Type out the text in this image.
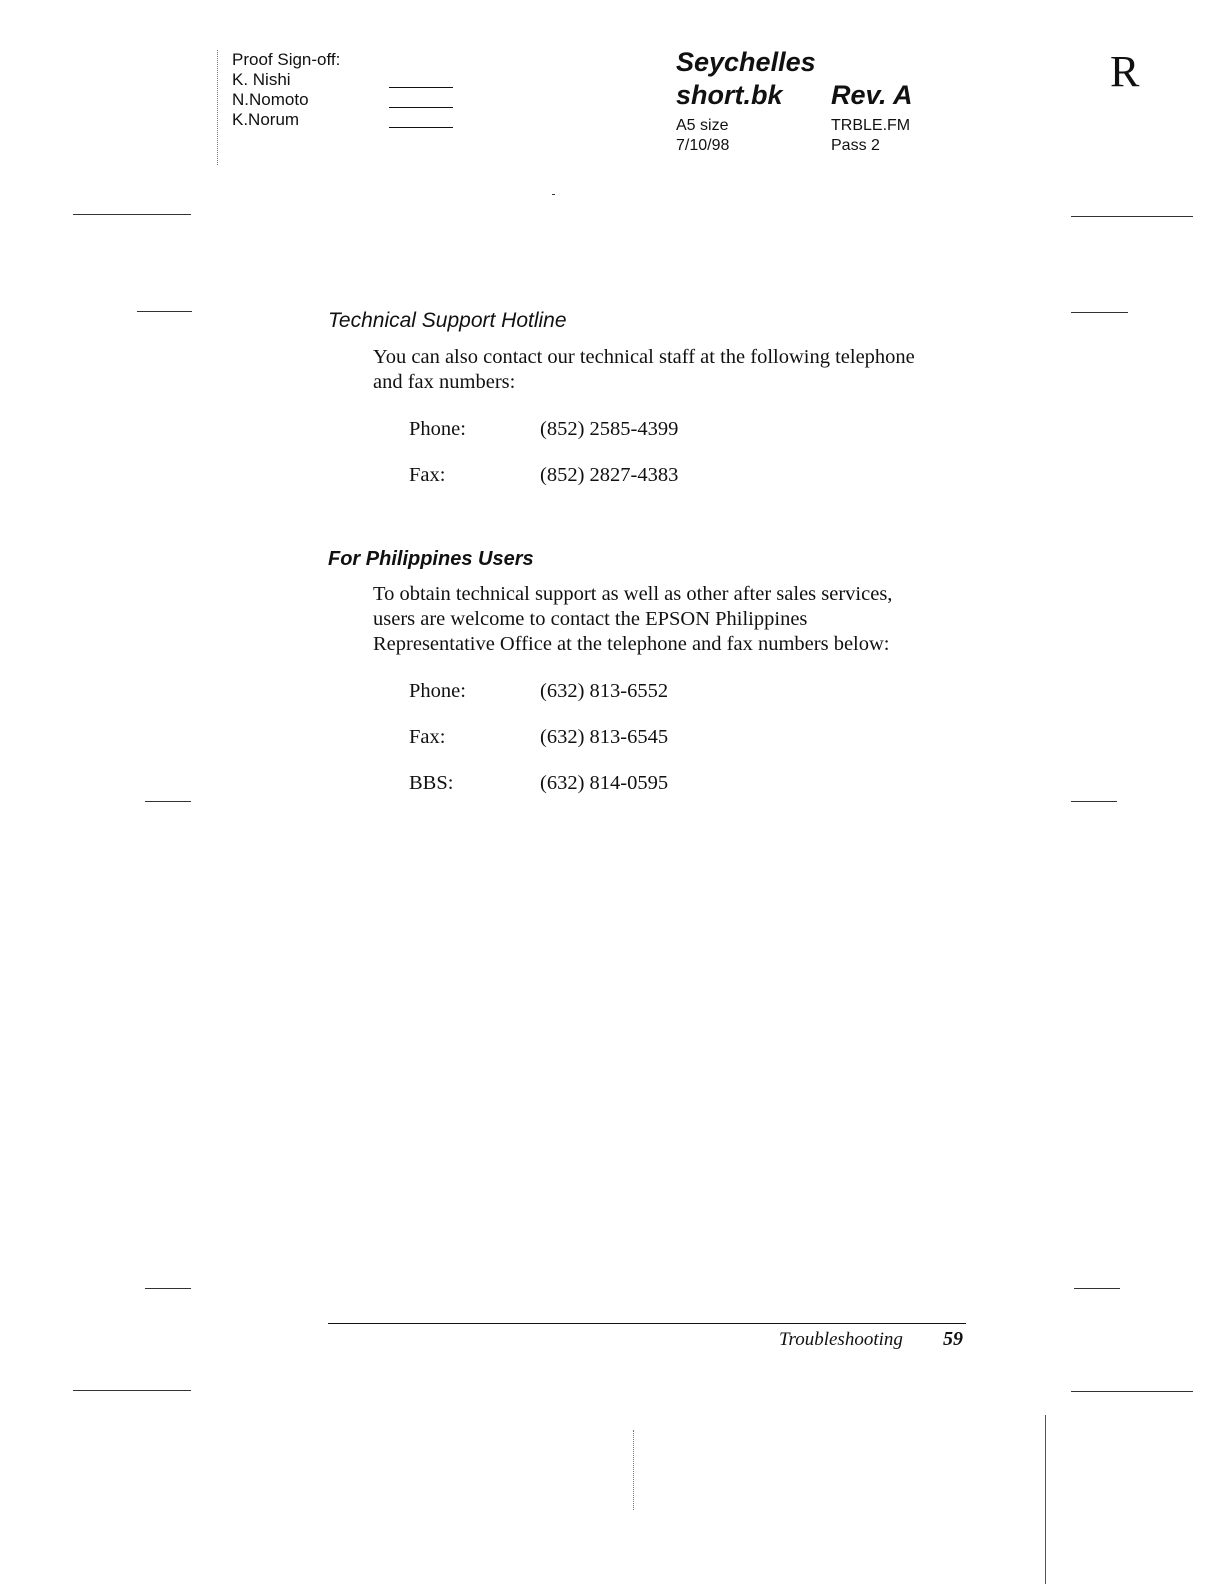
Proof Sign-off:
K. Nishi
N.Nomoto
K.Norum
Seychelles
short.bk Rev. A
A5 size	TRBLE.FM
7/10/98	Pass 2
R
Technical Support Hotline
You can also contact our technical staff at the following telephone
and fax numbers:
Phone:	(852) 2585-4399
Fax:	(852) 2827-4383
For Philippines Users
To obtain technical support as well as other after sales services,
users are welcome to contact the EPSON Philippines
Representative Office at the telephone and fax numbers below:
Phone:	(632) 813-6552
Fax:	(632) 813-6545
BBS:	(632) 814-0595
Troubleshooting 59
